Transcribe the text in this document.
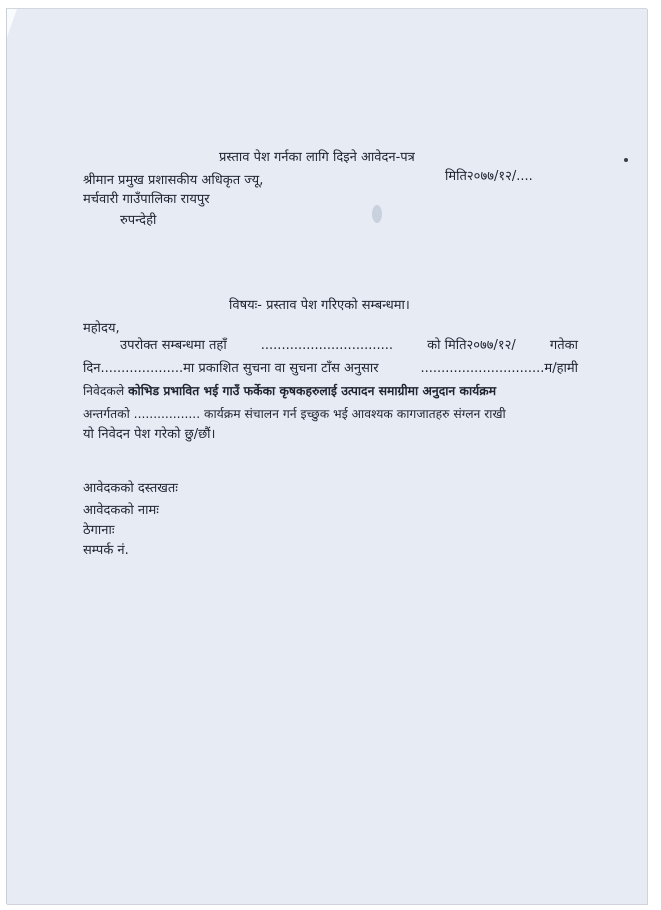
प्रस्ताव पेश गर्नका लागि दिइने आवेदन-पत्र
श्रीमान प्रमुख प्रशासकीय अधिकृत ज्यू,	मिति२०७७/१२/....
मर्चवारी गाउँपालिका रायपुर
रुपन्देही
विषयः- प्रस्ताव पेश गरिएको सम्बन्धमा।
महोदय,
उपरोक्त सम्बन्धमा तहाँ	................................	को मिति२०७७/१२/	गतेका
दिन....................मा प्रकाशित सुचना वा सुचना टाँस अनुसार	..............................म/हामी
निवेदकले कोभिड प्रभावित भई गाउँ फर्केका कृषकहरुलाई उत्पादन समाग्रीमा अनुदान कार्यक्रम
अन्तर्गतको ................. कार्यक्रम संचालन गर्न इच्छुक भई आवश्यक कागजातहरु संग्लन राखी
यो निवेदन पेश गरेको छु/छौं।
आवेदकको दस्तखतः
आवेदकको नामः
ठेगानाः
सम्पर्क नं.
